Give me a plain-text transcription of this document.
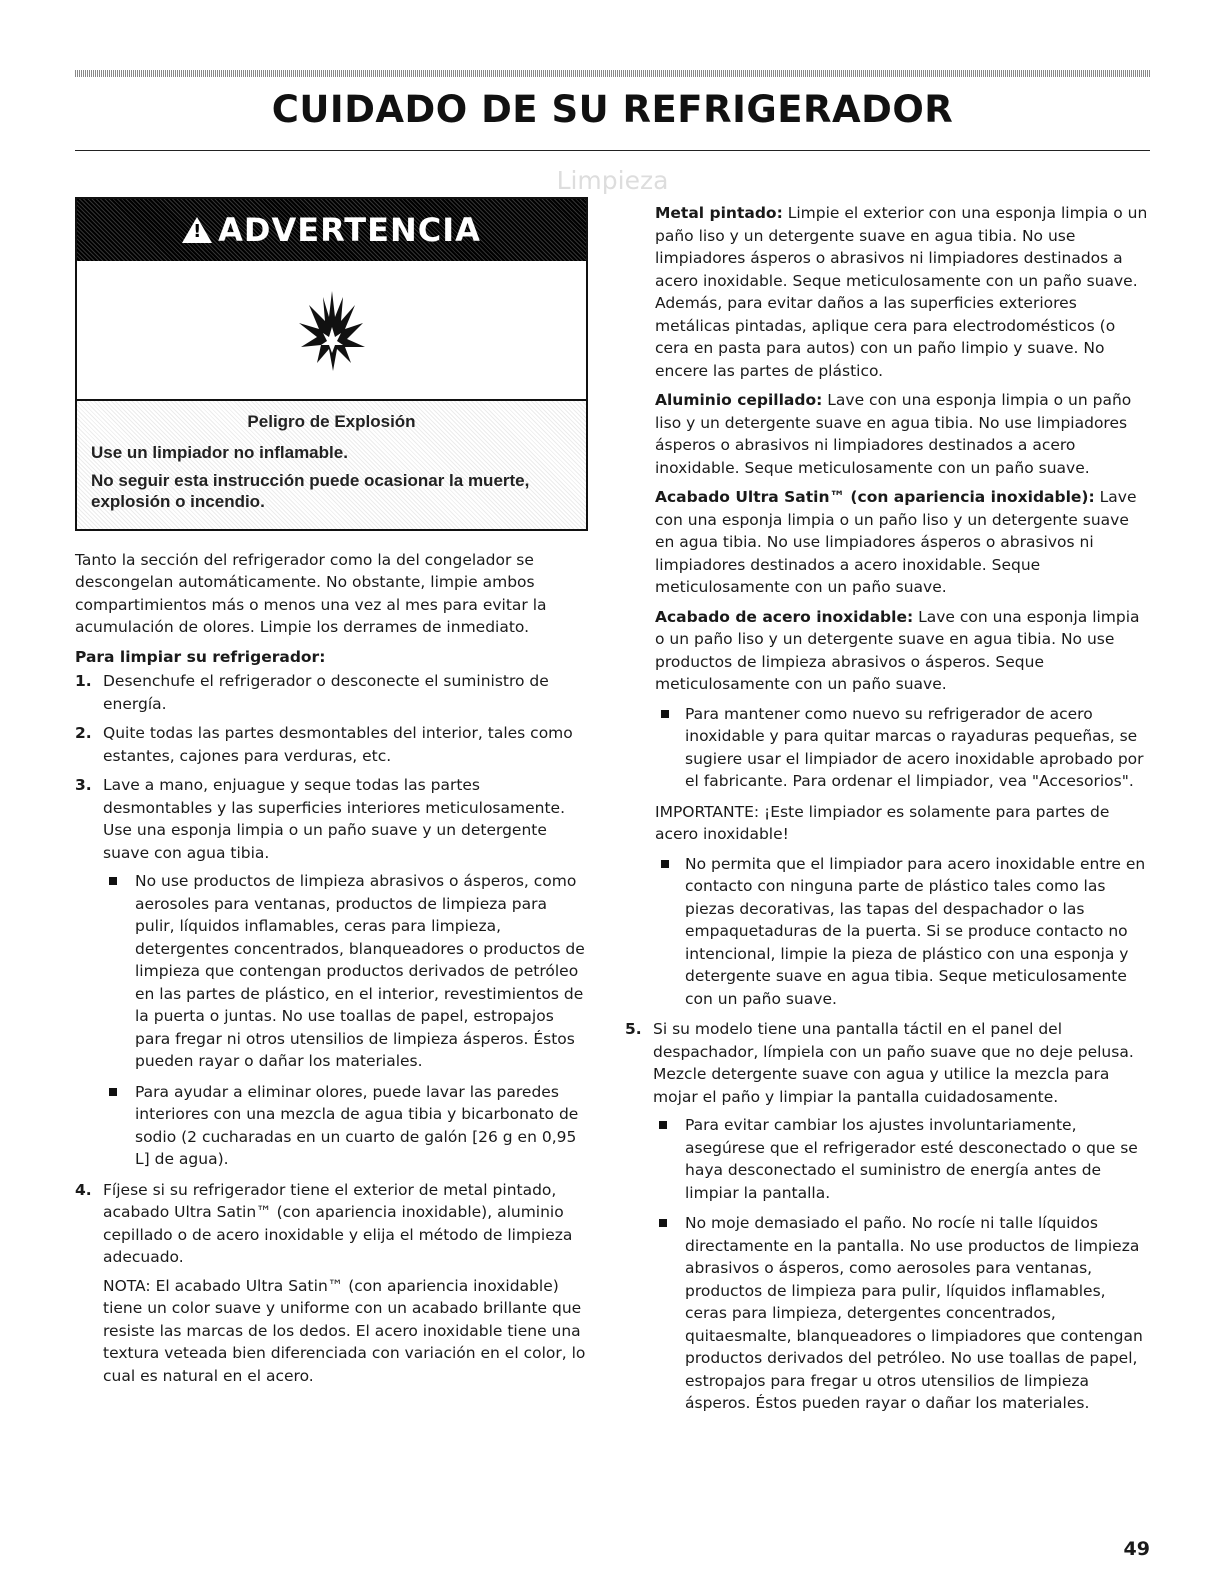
CUIDADO DE SU REFRIGERADOR
Limpieza
!
ADVERTENCIA
Peligro de Explosión
Use un limpiador no inflamable.
No seguir esta instrucción puede ocasionar la muerte, explosión o incendio.

Tanto la sección del refrigerador como la del congelador se descongelan automáticamente. No obstante, limpie ambos compartimientos más o menos una vez al mes para evitar la acumulación de olores. Limpie los derrames de inmediato.

Para limpiar su refrigerador:

1. Desenchufe el refrigerador o desconecte el suministro de energía.
2. Quite todas las partes desmontables del interior, tales como estantes, cajones para verduras, etc.
3. Lave a mano, enjuague y seque todas las partes desmontables y las superficies interiores meticulosamente. Use una esponja limpia o un paño suave y un detergente suave con agua tibia.
No use productos de limpieza abrasivos o ásperos, como aerosoles para ventanas, productos de limpieza para pulir, líquidos inflamables, ceras para limpieza, detergentes concentrados, blanqueadores o productos de limpieza que contengan productos derivados de petróleo en las partes de plástico, en el interior, revestimientos de la puerta o juntas. No use toallas de papel, estropajos para fregar ni otros utensilios de limpieza ásperos. Éstos pueden rayar o dañar los materiales.
Para ayudar a eliminar olores, puede lavar las paredes interiores con una mezcla de agua tibia y bicarbonato de sodio (2 cucharadas en un cuarto de galón [26 g en 0,95 L] de agua).
4. Fíjese si su refrigerador tiene el exterior de metal pintado, acabado Ultra Satin™ (con apariencia inoxidable), aluminio cepillado o de acero inoxidable y elija el método de limpieza adecuado.

NOTA: El acabado Ultra Satin™ (con apariencia inoxidable) tiene un color suave y uniforme con un acabado brillante que resiste las marcas de los dedos. El acero inoxidable tiene una textura veteada bien diferenciada con variación en el color, lo cual es natural en el acero.

Metal pintado: Limpie el exterior con una esponja limpia o un paño liso y un detergente suave en agua tibia. No use limpiadores ásperos o abrasivos ni limpiadores destinados a acero inoxidable. Seque meticulosamente con un paño suave. Además, para evitar daños a las superficies exteriores metálicas pintadas, aplique cera para electrodomésticos (o cera en pasta para autos) con un paño limpio y suave. No encere las partes de plástico.

Aluminio cepillado: Lave con una esponja limpia o un paño liso y un detergente suave en agua tibia. No use limpiadores ásperos o abrasivos ni limpiadores destinados a acero inoxidable. Seque meticulosamente con un paño suave.

Acabado Ultra Satin™ (con apariencia inoxidable): Lave con una esponja limpia o un paño liso y un detergente suave en agua tibia. No use limpiadores ásperos o abrasivos ni limpiadores destinados a acero inoxidable. Seque meticulosamente con un paño suave.

Acabado de acero inoxidable: Lave con una esponja limpia o un paño liso y un detergente suave en agua tibia. No use productos de limpieza abrasivos o ásperos. Seque meticulosamente con un paño suave.

Para mantener como nuevo su refrigerador de acero inoxidable y para quitar marcas o rayaduras pequeñas, se sugiere usar el limpiador de acero inoxidable aprobado por el fabricante. Para ordenar el limpiador, vea "Accesorios".

IMPORTANTE: ¡Este limpiador es solamente para partes de acero inoxidable!

No permita que el limpiador para acero inoxidable entre en contacto con ninguna parte de plástico tales como las piezas decorativas, las tapas del despachador o las empaquetaduras de la puerta. Si se produce contacto no intencional, limpie la pieza de plástico con una esponja y detergente suave en agua tibia. Seque meticulosamente con un paño suave.
5. Si su modelo tiene una pantalla táctil en el panel del despachador, límpiela con un paño suave que no deje pelusa. Mezcle detergente suave con agua y utilice la mezcla para mojar el paño y limpiar la pantalla cuidadosamente.
Para evitar cambiar los ajustes involuntariamente, asegúrese que el refrigerador esté desconectado o que se haya desconectado el suministro de energía antes de limpiar la pantalla.
No moje demasiado el paño. No rocíe ni talle líquidos directamente en la pantalla. No use productos de limpieza abrasivos o ásperos, como aerosoles para ventanas, productos de limpieza para pulir, líquidos inflamables, ceras para limpieza, detergentes concentrados, quitaesmalte, blanqueadores o limpiadores que contengan productos derivados del petróleo. No use toallas de papel, estropajos para fregar u otros utensilios de limpieza ásperos. Éstos pueden rayar o dañar los materiales.
49
